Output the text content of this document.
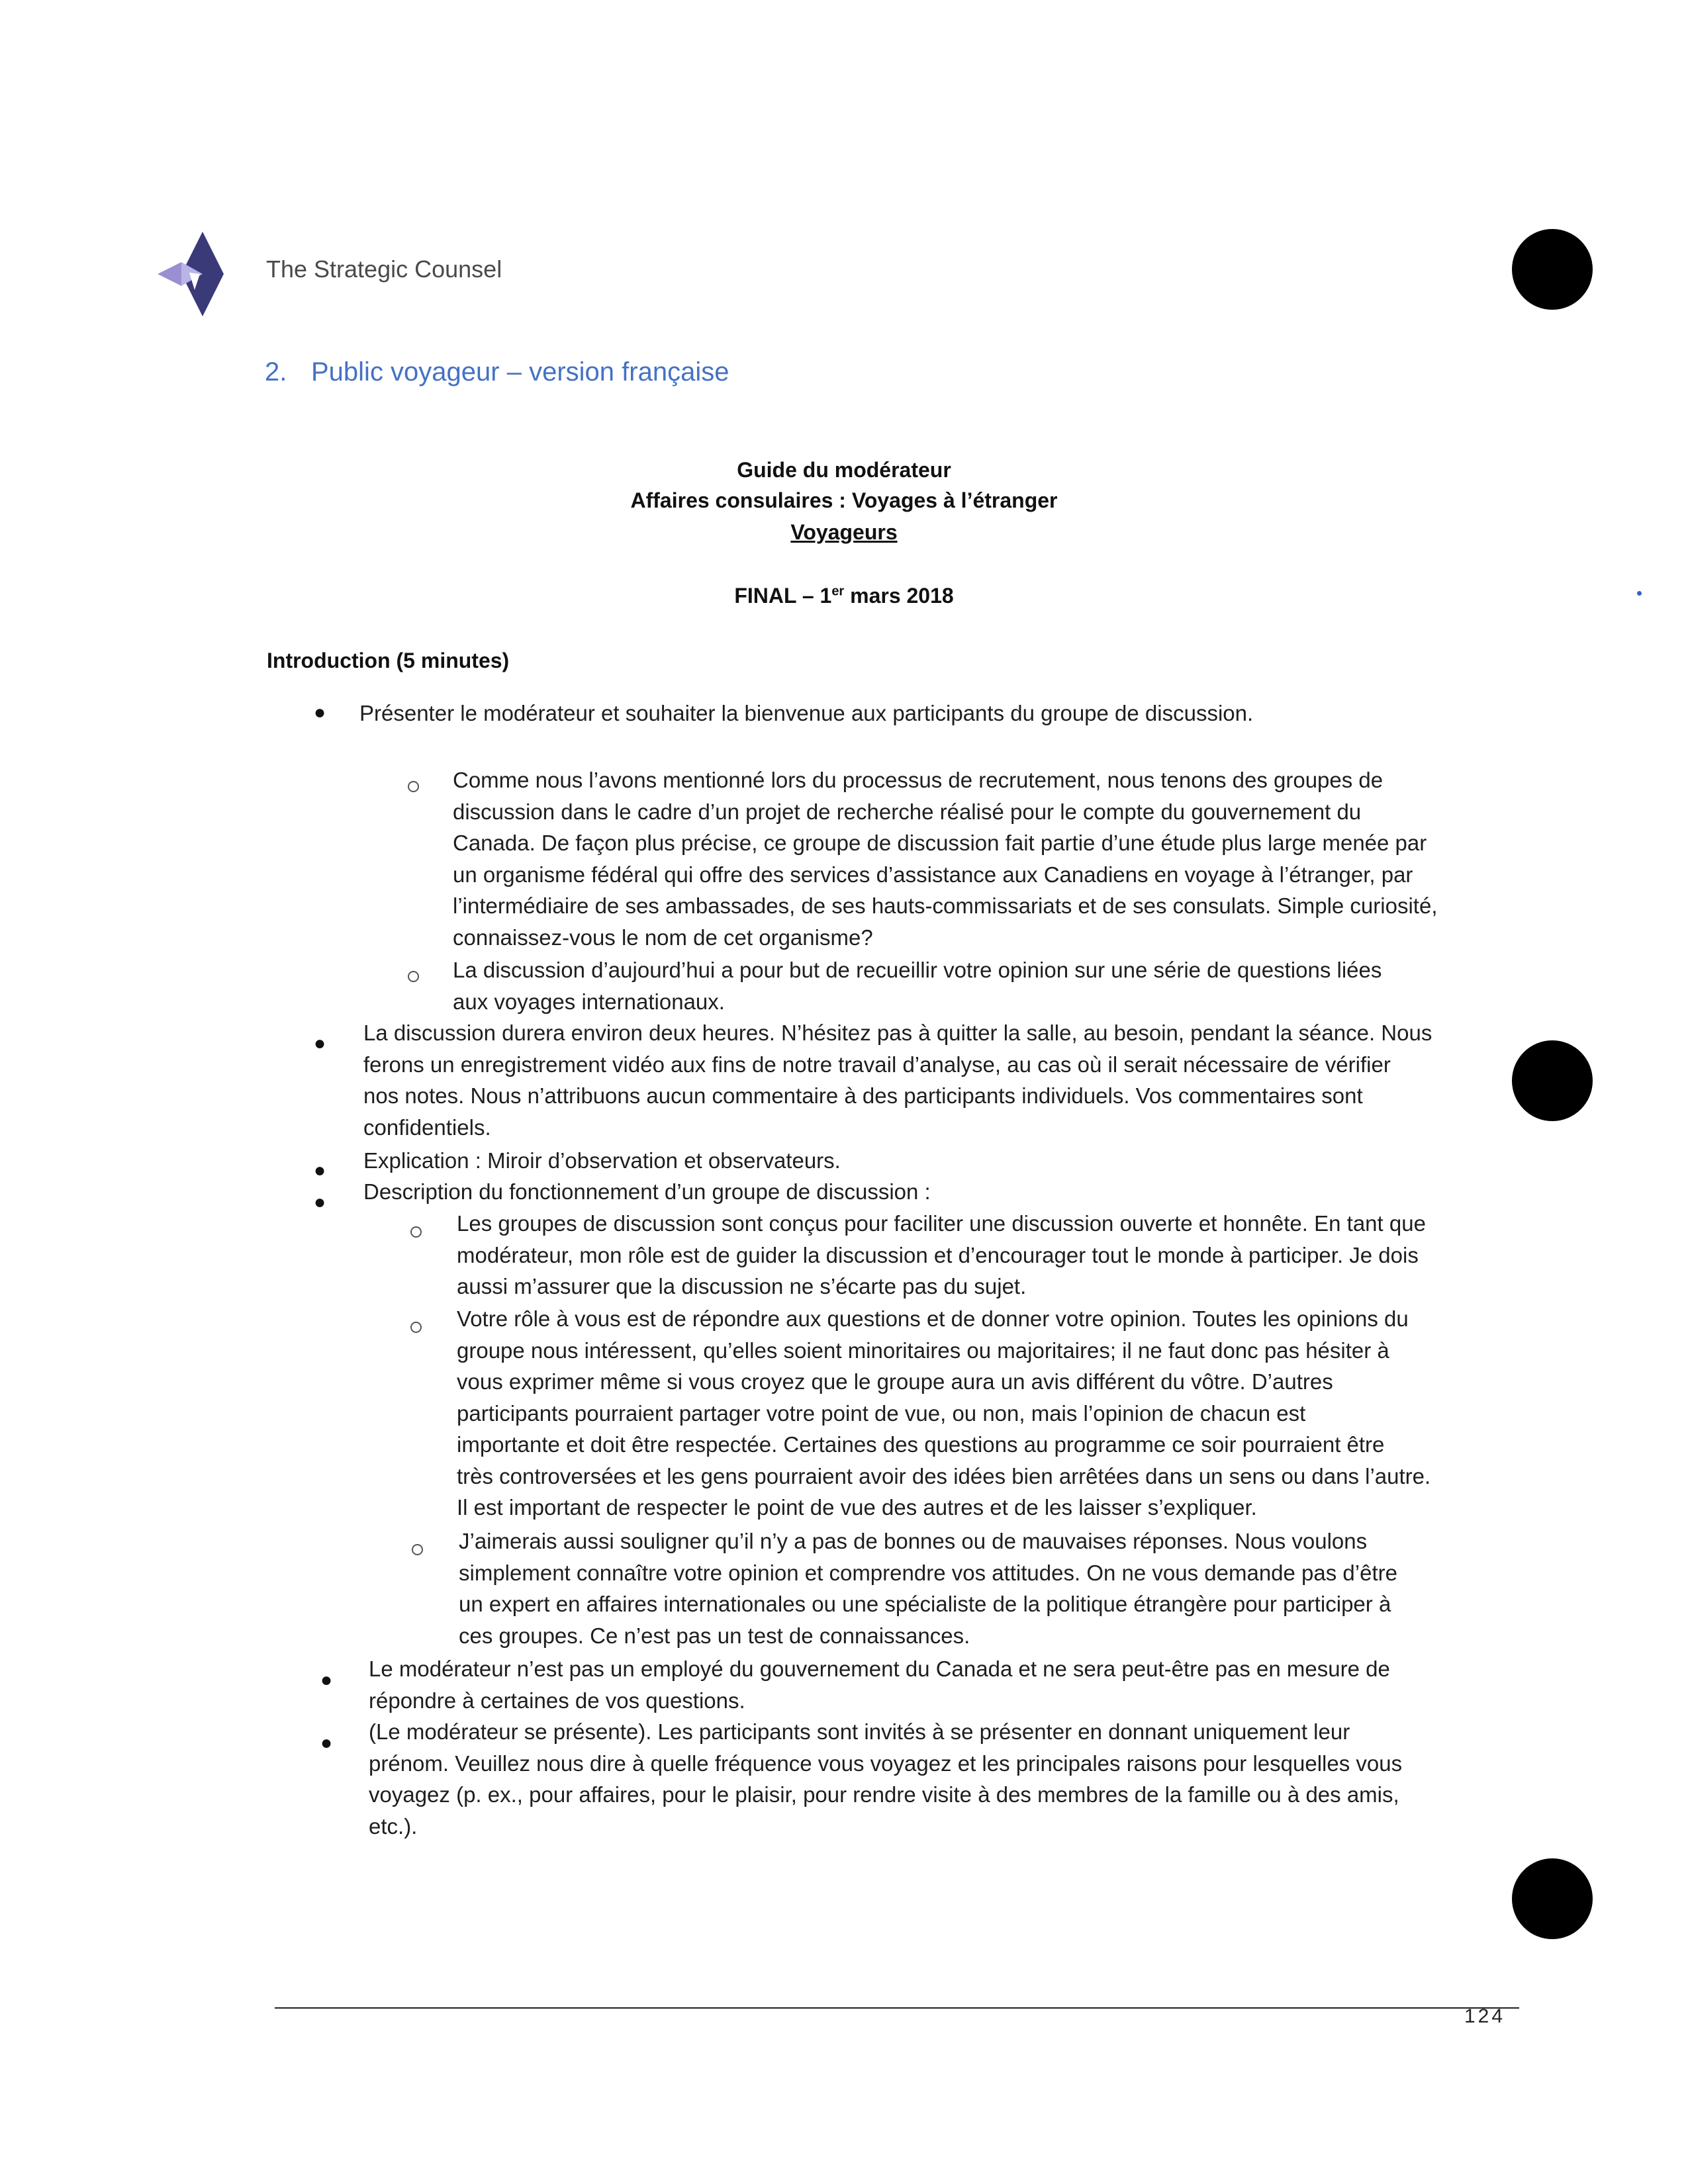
The Strategic Counsel
2. Public voyageur – version française
Guide du modérateur
Affaires consulaires : Voyages à l’étranger
Voyageurs
FINAL – 1er mars 2018
Introduction (5 minutes)
● Présenter le modérateur et souhaiter la bienvenue aux participants du groupe de discussion.
Comme nous l’avons mentionné lors du processus de recrutement, nous tenons des groupes de
discussion dans le cadre d’un projet de recherche réalisé pour le compte du gouvernement du
Canada. De façon plus précise, ce groupe de discussion fait partie d’une étude plus large menée par
un organisme fédéral qui offre des services d’assistance aux Canadiens en voyage à l’étranger, par
l’intermédiaire de ses ambassades, de ses hauts-commissariats et de ses consulats. Simple curiosité,
connaissez-vous le nom de cet organisme?
La discussion d’aujourd’hui a pour but de recueillir votre opinion sur une série de questions liées
aux voyages internationaux.
● La discussion durera environ deux heures. N’hésitez pas à quitter la salle, au besoin, pendant la séance. Nous
ferons un enregistrement vidéo aux fins de notre travail d’analyse, au cas où il serait nécessaire de vérifier
nos notes. Nous n’attribuons aucun commentaire à des participants individuels. Vos commentaires sont
confidentiels.
● Explication : Miroir d’observation et observateurs.
● Description du fonctionnement d’un groupe de discussion :
Les groupes de discussion sont conçus pour faciliter une discussion ouverte et honnête. En tant que
modérateur, mon rôle est de guider la discussion et d’encourager tout le monde à participer. Je dois
aussi m’assurer que la discussion ne s’écarte pas du sujet.
Votre rôle à vous est de répondre aux questions et de donner votre opinion. Toutes les opinions du
groupe nous intéressent, qu’elles soient minoritaires ou majoritaires; il ne faut donc pas hésiter à
vous exprimer même si vous croyez que le groupe aura un avis différent du vôtre. D’autres
participants pourraient partager votre point de vue, ou non, mais l’opinion de chacun est
importante et doit être respectée. Certaines des questions au programme ce soir pourraient être
très controversées et les gens pourraient avoir des idées bien arrêtées dans un sens ou dans l’autre.
Il est important de respecter le point de vue des autres et de les laisser s’expliquer.
J’aimerais aussi souligner qu’il n’y a pas de bonnes ou de mauvaises réponses. Nous voulons
simplement connaître votre opinion et comprendre vos attitudes. On ne vous demande pas d’être
un expert en affaires internationales ou une spécialiste de la politique étrangère pour participer à
ces groupes. Ce n’est pas un test de connaissances.
● Le modérateur n’est pas un employé du gouvernement du Canada et ne sera peut-être pas en mesure de
répondre à certaines de vos questions.
● (Le modérateur se présente). Les participants sont invités à se présenter en donnant uniquement leur
prénom. Veuillez nous dire à quelle fréquence vous voyagez et les principales raisons pour lesquelles vous
voyagez (p. ex., pour affaires, pour le plaisir, pour rendre visite à des membres de la famille ou à des amis,
etc.).
124
